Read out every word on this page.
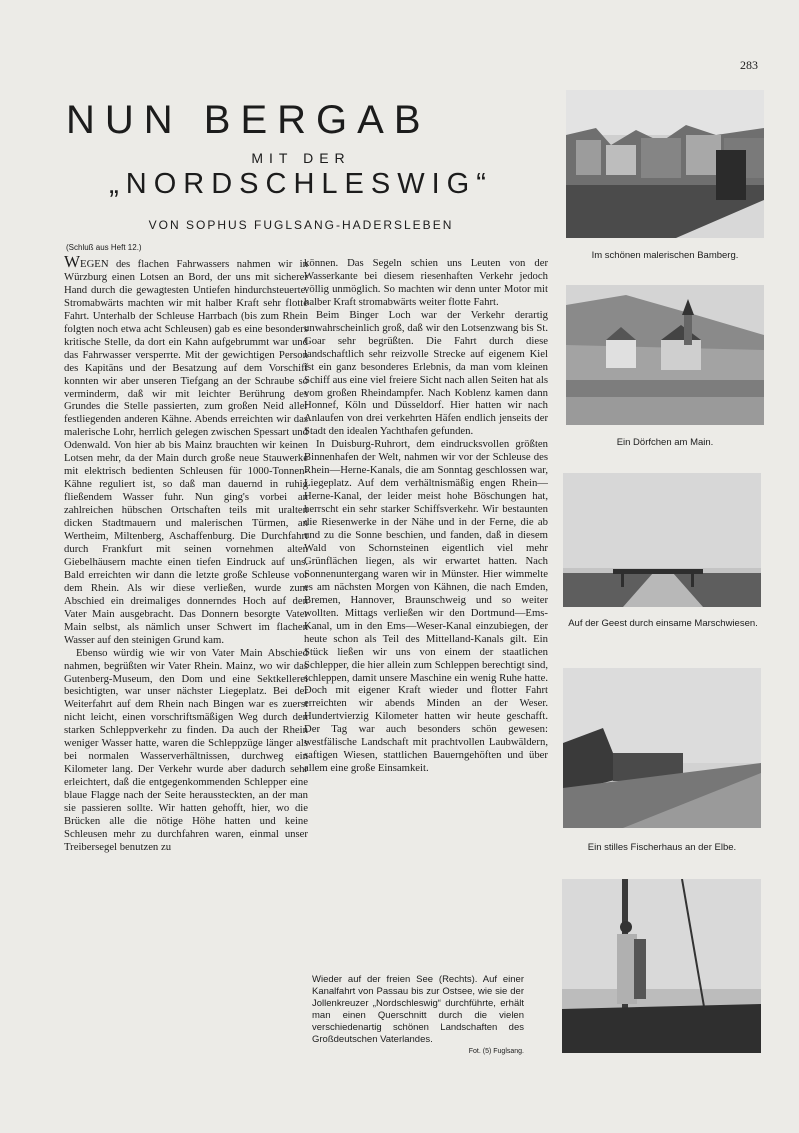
283
NUN BERGAB
MIT DER
„NORDSCHLESWIG“
VON SOPHUS FUGLSANG-HADERSLEBEN
(Schluß aus Heft 12.)

WEGEN des flachen Fahrwassers nahmen wir in Würzburg einen Lotsen an Bord, der uns mit sicherer Hand durch die gewagtesten Untiefen hindurchsteuerte. Stromabwärts machten wir mit halber Kraft sehr flotte Fahrt. Unterhalb der Schleuse Harrbach (bis zum Rhein folgten noch etwa acht Schleusen) gab es eine besonders kritische Stelle, da dort ein Kahn aufgebrummt war und das Fahrwasser versperrte. Mit der gewichtigen Person des Kapitäns und der Besatzung auf dem Vorschiff konnten wir aber unseren Tiefgang an der Schraube so verminderm, daß wir mit leichter Berührung des Grundes die Stelle passierten, zum großen Neid aller festliegenden anderen Kähne. Abends erreichten wir das malerische Lohr, herrlich gelegen zwischen Spessart und Odenwald. Von hier ab bis Mainz brauchten wir keinen Lotsen mehr, da der Main durch große neue Stauwerke mit elektrisch bedienten Schleusen für 1000-Tonnen-Kähne reguliert ist, so daß man dauernd in ruhig fließendem Wasser fuhr. Nun ging's vorbei an zahlreichen hübschen Ortschaften teils mit uralten dicken Stadtmauern und malerischen Türmen, an Wertheim, Miltenberg, Aschaffenburg. Die Durchfahrt durch Frankfurt mit seinen vornehmen alten Giebelhäusern machte einen tiefen Eindruck auf uns. Bald erreichten wir dann die letzte große Schleuse vor dem Rhein. Als wir diese verließen, wurde zum Abschied ein dreimaliges donnerndes Hoch auf den Vater Main ausgebracht. Das Donnern besorgte Vater Main selbst, als nämlich unser Schwert im flachen Wasser auf den steinigen Grund kam.

Ebenso würdig wie wir von Vater Main Abschied nahmen, begrüßten wir Vater Rhein. Mainz, wo wir das Gutenberg-Museum, den Dom und eine Sektkellerei besichtigten, war unser nächster Liegeplatz. Bei der Weiterfahrt auf dem Rhein nach Bingen war es zuerst nicht leicht, einen vorschriftsmäßigen Weg durch den starken Schleppverkehr zu finden. Da auch der Rhein weniger Wasser hatte, waren die Schleppzüge länger als bei normalen Wasserverhältnissen, durchweg ein Kilometer lang. Der Verkehr wurde aber dadurch sehr erleichtert, daß die entgegenkommenden Schlepper eine blaue Flagge nach der Seite heraussteckten, an der man sie passieren sollte. Wir hatten gehofft, hier, wo die Brücken alle die nötige Höhe hatten und keine Schleusen mehr zu durchfahren waren, einmal unser Treibersegel benutzen zu

können. Das Segeln schien uns Leuten von der Wasserkante bei diesem riesenhaften Verkehr jedoch völlig unmöglich. So machten wir denn unter Motor mit halber Kraft stromabwärts weiter flotte Fahrt.

Beim Binger Loch war der Verkehr derartig unwahrscheinlich groß, daß wir den Lotsenzwang bis St. Goar sehr begrüßten. Die Fahrt durch diese landschaftlich sehr reizvolle Strecke auf eigenem Kiel ist ein ganz besonderes Erlebnis, da man vom kleinen Schiff aus eine viel freiere Sicht nach allen Seiten hat als vom großen Rheindampfer. Nach Koblenz kamen dann Honnef, Köln und Düsseldorf. Hier hatten wir nach Anlaufen von drei verkehrten Häfen endlich jenseits der Stadt den idealen Yachthafen gefunden.

In Duisburg-Ruhrort, dem eindrucksvollen größten Binnenhafen der Welt, nahmen wir vor der Schleuse des Rhein—Herne-Kanals, die am Sonntag geschlossen war, Liegeplatz. Auf dem verhältnismäßig engen Rhein—Herne-Kanal, der leider meist hohe Böschungen hat, herrscht ein sehr starker Schiffsverkehr. Wir bestaunten die Riesenwerke in der Nähe und in der Ferne, die ab und zu die Sonne beschien, und fanden, daß in diesem Wald von Schornsteinen eigentlich viel mehr Grünflächen liegen, als wir erwartet hatten. Nach Sonnenuntergang waren wir in Münster. Hier wimmelte es am nächsten Morgen von Kähnen, die nach Emden, Bremen, Hannover, Braunschweig und so weiter wollten. Mittags verließen wir den Dortmund—Ems-Kanal, um in den Ems—Weser-Kanal einzubiegen, der heute schon als Teil des Mittelland-Kanals gilt. Ein Stück ließen wir uns von einem der staatlichen Schlepper, die hier allein zum Schleppen berechtigt sind, schleppen, damit unsere Maschine ein wenig Ruhe hatte. Doch mit eigener Kraft wieder und flotter Fahrt erreichten wir abends Minden an der Weser. Hundertvierzig Kilometer hatten wir heute geschafft. Der Tag war auch besonders schön gewesen: westfälische Landschaft mit prachtvollen Laubwäldern, saftigen Wiesen, stattlichen Bauerngehöften und über allem eine große Einsamkeit.

Wieder auf der freien See (Rechts). Auf einer Kanalfahrt von Passau bis zur Ostsee, wie sie der Jollenkreuzer „Nordschleswig“ durchführte, erhält man einen Querschnitt durch die vielen verschiedenartig schönen Landschaften des Großdeutschen Vaterlandes.
Fot. (5) Fuglsang.
Im schönen malerischen Bamberg.
Ein Dörfchen am Main.
Auf der Geest durch einsame Marschwiesen.
Ein stilles Fischerhaus an der Elbe.
